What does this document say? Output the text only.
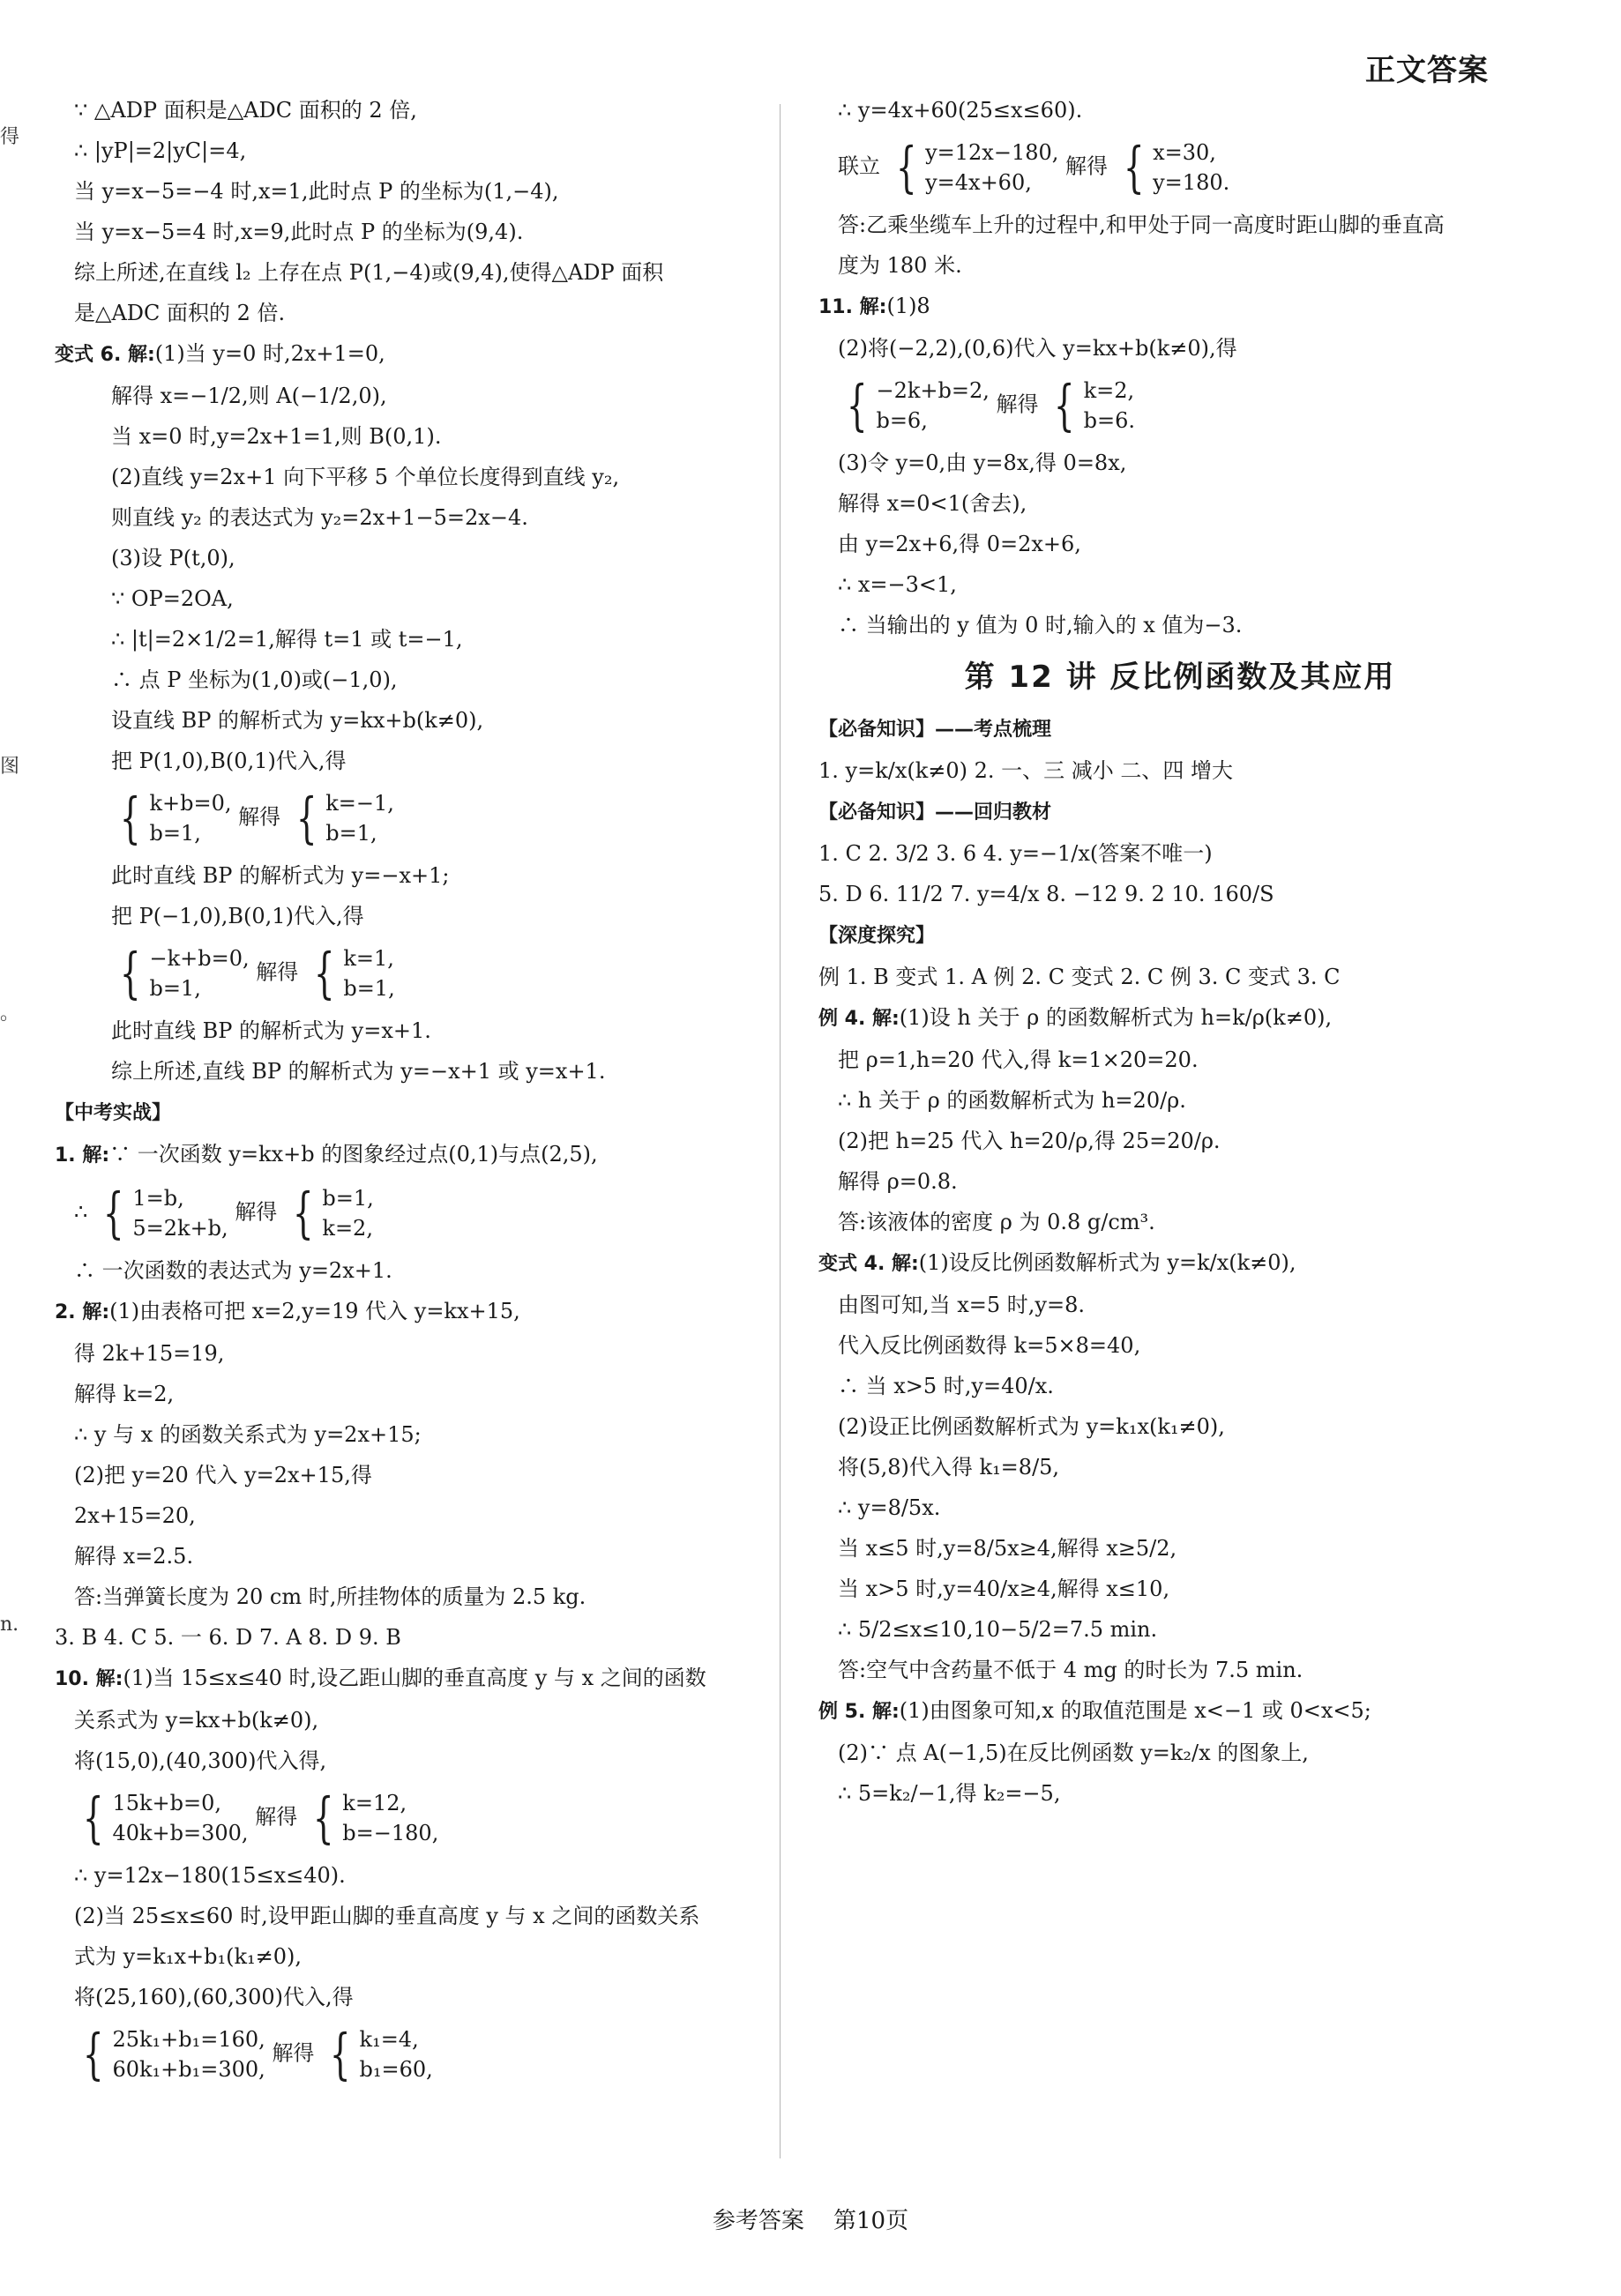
正文答案
得
图
。
n.
∵ △ADP 面积是△ADC 面积的 2 倍,
∴ |yP|=2|yC|=4,
当 y=x−5=−4 时,x=1,此时点 P 的坐标为(1,−4),
当 y=x−5=4 时,x=9,此时点 P 的坐标为(9,4).
综上所述,在直线 l₂ 上存在点 P(1,−4)或(9,4),使得△ADP 面积
是△ADC 面积的 2 倍.
变式 6. 解:(1)当 y=0 时,2x+1=0,
解得 x=−1/2,则 A(−1/2,0),
当 x=0 时,y=2x+1=1,则 B(0,1).
(2)直线 y=2x+1 向下平移 5 个单位长度得到直线 y₂,
则直线 y₂ 的表达式为 y₂=2x+1−5=2x−4.
(3)设 P(t,0),
∵ OP=2OA,
∴ |t|=2×1/2=1,解得 t=1 或 t=−1,
∴ 点 P 坐标为(1,0)或(−1,0),
设直线 BP 的解析式为 y=kx+b(k≠0),
把 P(1,0),B(0,1)代入,得
{ k+b=0,
b=1,
解得 { k=−1,
b=1,
此时直线 BP 的解析式为 y=−x+1;
把 P(−1,0),B(0,1)代入,得
{ −k+b=0,
b=1,
解得 { k=1,
b=1,
此时直线 BP 的解析式为 y=x+1.
综上所述,直线 BP 的解析式为 y=−x+1 或 y=x+1.
【中考实战】
1. 解:∵ 一次函数 y=kx+b 的图象经过点(0,1)与点(2,5),
∴ { 1=b,
5=2k+b,
解得 { b=1,
k=2,
∴ 一次函数的表达式为 y=2x+1.
2. 解:(1)由表格可把 x=2,y=19 代入 y=kx+15,
得 2k+15=19,
解得 k=2,
∴ y 与 x 的函数关系式为 y=2x+15;
(2)把 y=20 代入 y=2x+15,得
2x+15=20,
解得 x=2.5.
答:当弹簧长度为 20 cm 时,所挂物体的质量为 2.5 kg.
3. B 4. C 5. 一 6. D 7. A 8. D 9. B
10. 解:(1)当 15≤x≤40 时,设乙距山脚的垂直高度 y 与 x 之间的函数
关系式为 y=kx+b(k≠0),
将(15,0),(40,300)代入得,
{ 15k+b=0,
40k+b=300,
解得 { k=12,
b=−180,
∴ y=12x−180(15≤x≤40).
(2)当 25≤x≤60 时,设甲距山脚的垂直高度 y 与 x 之间的函数关系
式为 y=k₁x+b₁(k₁≠0),
将(25,160),(60,300)代入,得
{ 25k₁+b₁=160,
60k₁+b₁=300,
解得 { k₁=4,
b₁=60,
∴ y=4x+60(25≤x≤60).
联立 { y=12x−180,
y=4x+60,
解得 { x=30,
y=180.
答:乙乘坐缆车上升的过程中,和甲处于同一高度时距山脚的垂直高
度为 180 米.
11. 解:(1)8
(2)将(−2,2),(0,6)代入 y=kx+b(k≠0),得
{ −2k+b=2,
b=6,
解得 { k=2,
b=6.
(3)令 y=0,由 y=8x,得 0=8x,
解得 x=0<1(舍去),
由 y=2x+6,得 0=2x+6,
∴ x=−3<1,
∴ 当输出的 y 值为 0 时,输入的 x 值为−3.
第 12 讲 反比例函数及其应用
【必备知识】——考点梳理
1. y=k/x(k≠0) 2. 一、三 减小 二、四 增大
【必备知识】——回归教材
1. C 2. 3/2 3. 6 4. y=−1/x(答案不唯一)
5. D 6. 11/2 7. y=4/x 8. −12 9. 2 10. 160/S
【深度探究】
例 1. B 变式 1. A 例 2. C 变式 2. C 例 3. C 变式 3. C
例 4. 解:(1)设 h 关于 ρ 的函数解析式为 h=k/ρ(k≠0),
把 ρ=1,h=20 代入,得 k=1×20=20.
∴ h 关于 ρ 的函数解析式为 h=20/ρ.
(2)把 h=25 代入 h=20/ρ,得 25=20/ρ.
解得 ρ=0.8.
答:该液体的密度 ρ 为 0.8 g/cm³.
变式 4. 解:(1)设反比例函数解析式为 y=k/x(k≠0),
由图可知,当 x=5 时,y=8.
代入反比例函数得 k=5×8=40,
∴ 当 x>5 时,y=40/x.
(2)设正比例函数解析式为 y=k₁x(k₁≠0),
将(5,8)代入得 k₁=8/5,
∴ y=8/5x.
当 x≤5 时,y=8/5x≥4,解得 x≥5/2,
当 x>5 时,y=40/x≥4,解得 x≤10,
∴ 5/2≤x≤10,10−5/2=7.5 min.
答:空气中含药量不低于 4 mg 的时长为 7.5 min.
例 5. 解:(1)由图象可知,x 的取值范围是 x<−1 或 0<x<5;
(2)∵ 点 A(−1,5)在反比例函数 y=k₂/x 的图象上,
∴ 5=k₂/−1,得 k₂=−5,
参考答案 第10页
